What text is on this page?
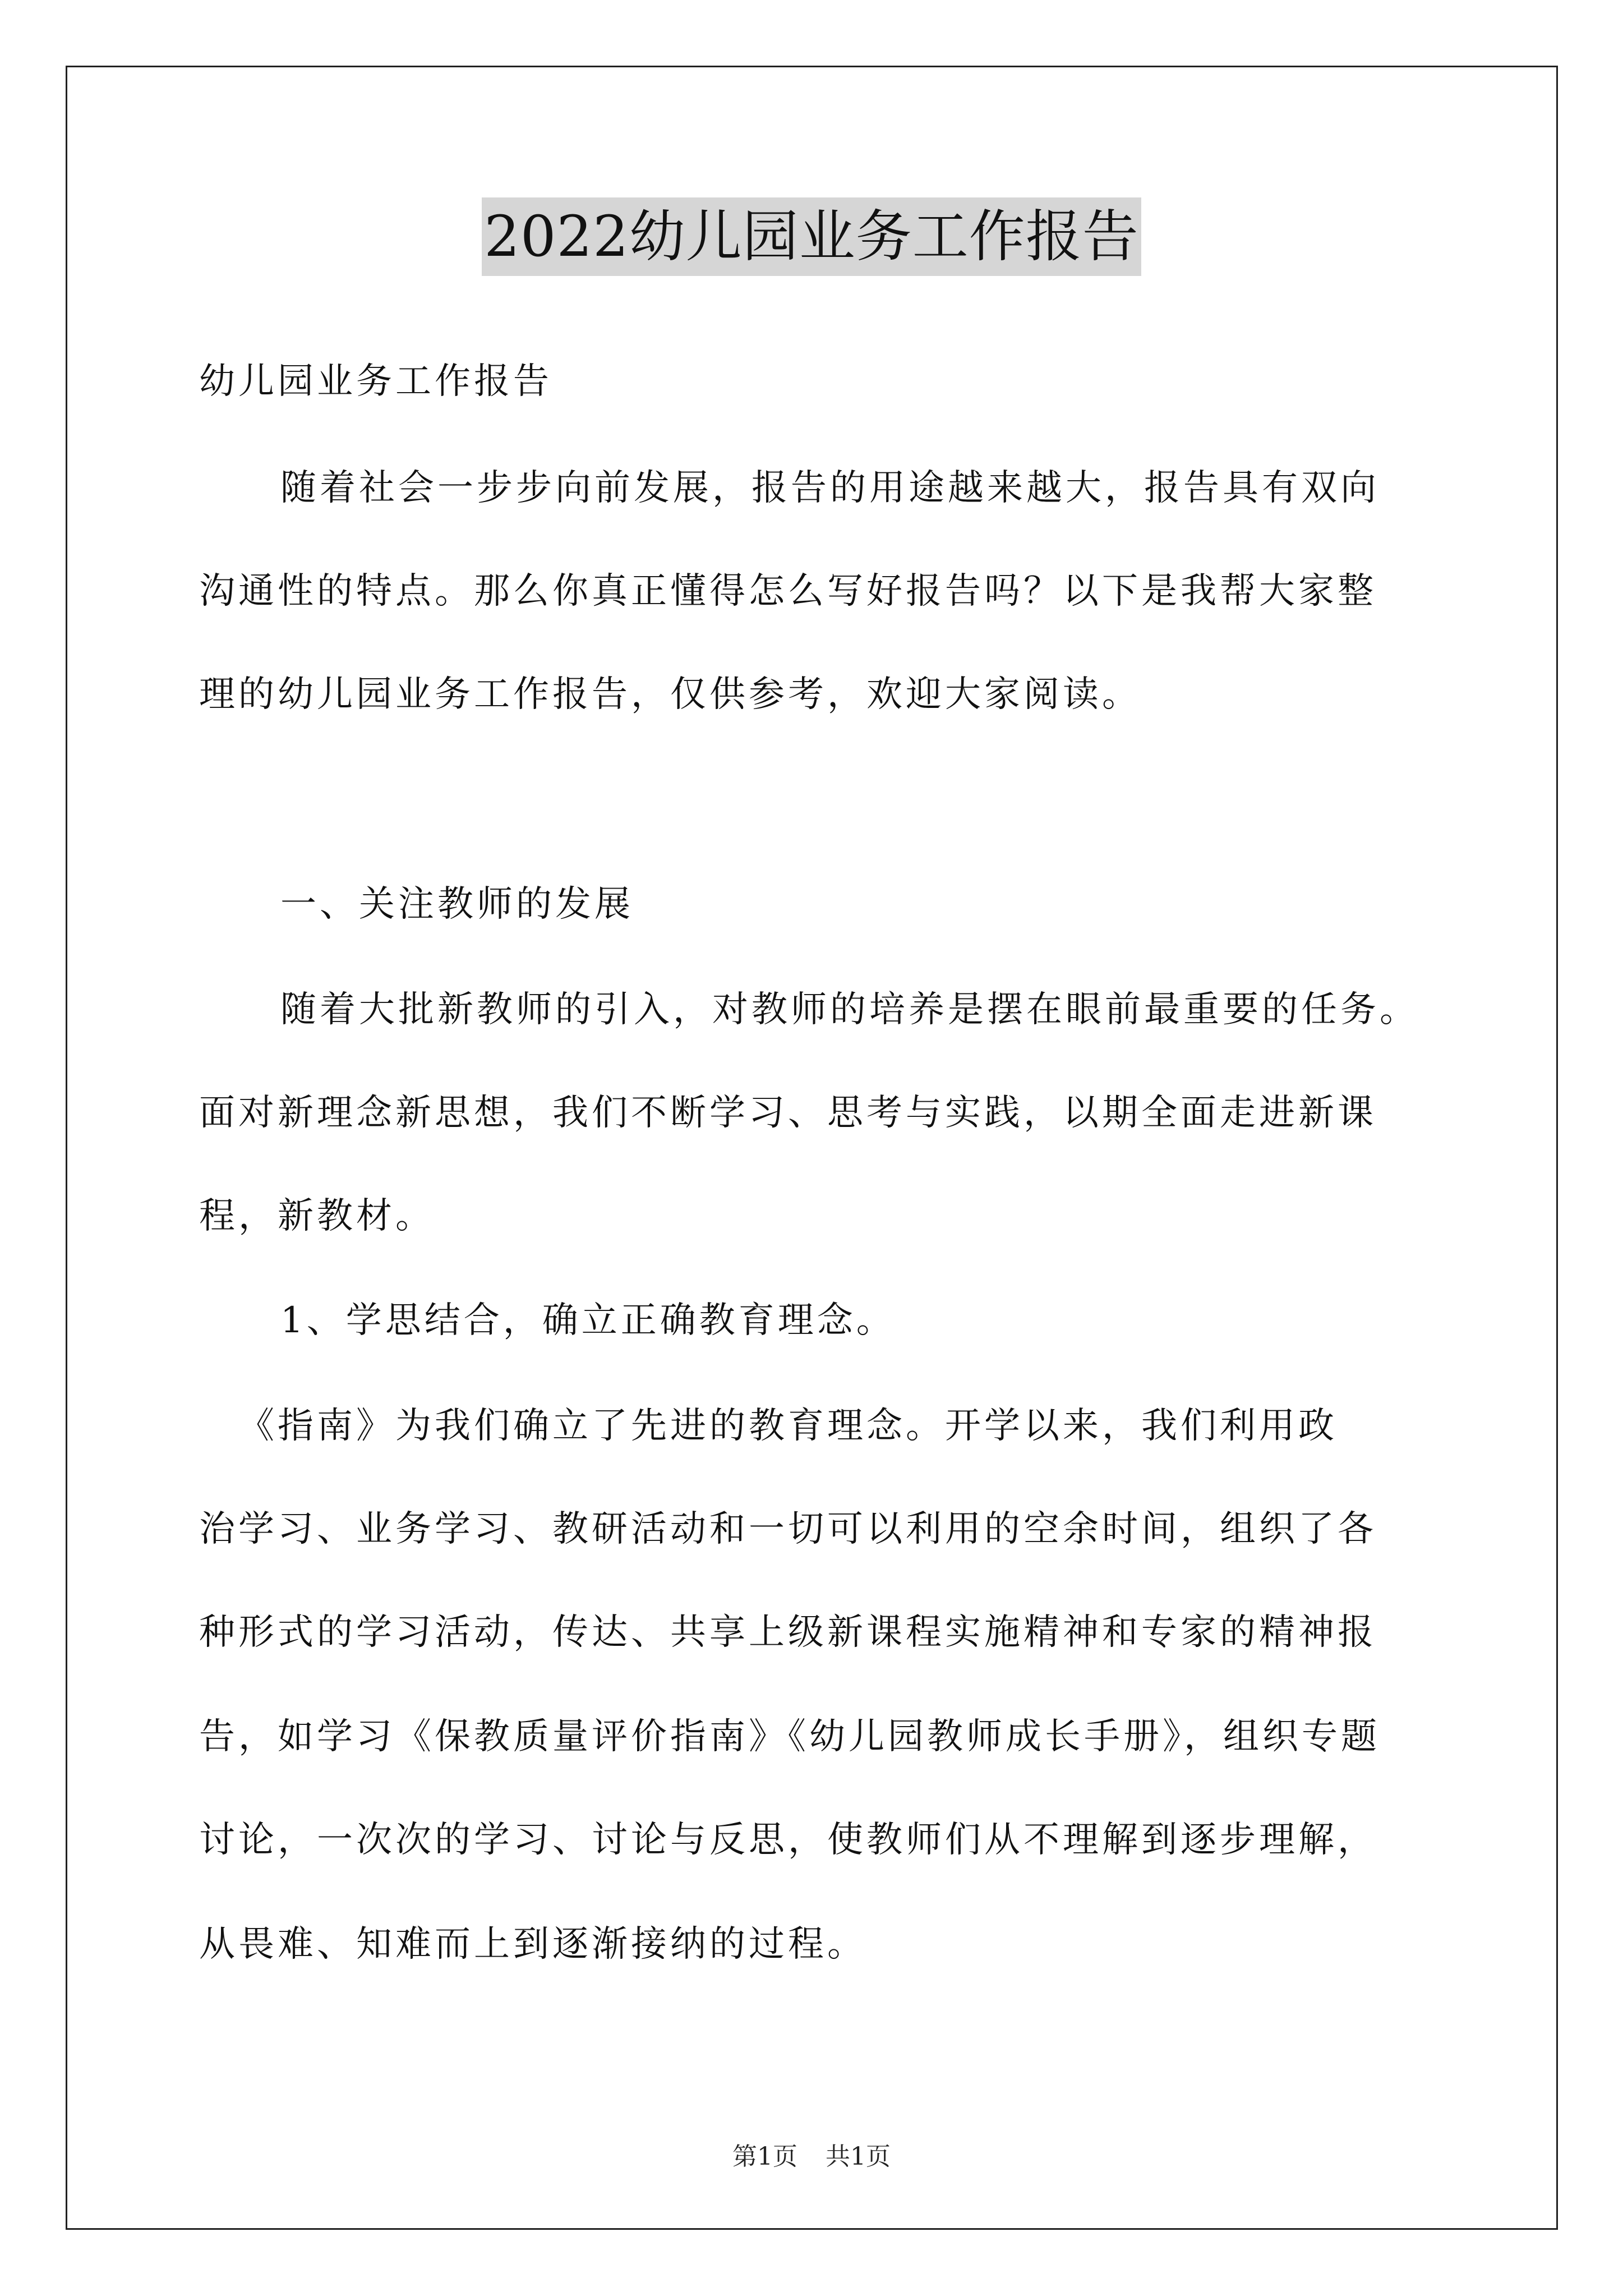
2022幼儿园业务工作报告

幼儿园业务工作报告

随着社会一步步向前发展，报告的用途越来越大，报告具有双向

沟通性的特点。那么你真正懂得怎么写好报告吗？以下是我帮大家整

理的幼儿园业务工作报告，仅供参考，欢迎大家阅读。

一、关注教师的发展

随着大批新教师的引入，对教师的培养是摆在眼前最重要的任务。

面对新理念新思想，我们不断学习、思考与实践，以期全面走进新课

程，新教材。

1、学思结合，确立正确教育理念。

《指南》为我们确立了先进的教育理念。开学以来，我们利用政

治学习、业务学习、教研活动和一切可以利用的空余时间，组织了各

种形式的学习活动，传达、共享上级新课程实施精神和专家的精神报

告，如学习《保教质量评价指南》《幼儿园教师成长手册》，组织专题

讨论，一次次的学习、讨论与反思，使教师们从不理解到逐步理解，

从畏难、知难而上到逐渐接纳的过程。

第1页 共1页
